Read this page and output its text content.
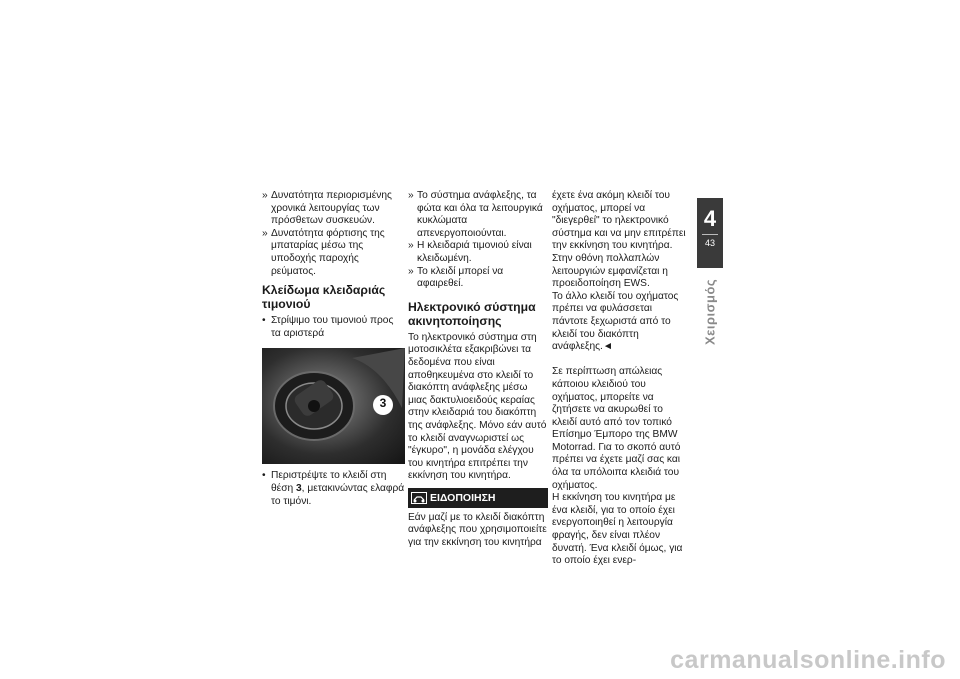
» Δυνατότητα περιορισμένης χρονικά λειτουργίας των πρόσθετων συσκευών.

» Δυνατότητα φόρτισης της μπαταρίας μέσω της υποδοχής παροχής ρεύματος.

Κλείδωμα κλειδαριάς τιμονιού

• Στρίψιμο του τιμονιού προς τα αριστερά

3

• Περιστρέψτε το κλειδί στη θέση 3, μετακινώντας ελαφρά το τιμόνι.

» Το σύστημα ανάφλεξης, τα φώτα και όλα τα λειτουργικά κυκλώματα απενεργοποιούνται.

» Η κλειδαριά τιμονιού είναι κλειδωμένη.

» Το κλειδί μπορεί να αφαιρεθεί.

Ηλεκτρονικό σύστημα ακινητοποίησης

Το ηλεκτρονικό σύστημα στη μοτοσικλέτα εξακριβώνει τα δεδομένα που είναι αποθηκευμένα στο κλειδί το διακόπτη ανάφλεξης μέσω μιας δακτυλιοειδούς κεραίας στην κλειδαριά του διακόπτη της ανάφλεξης. Μόνο εάν αυτό το κλειδί αναγνωριστεί ως "έγκυρο", η μονάδα ελέγχου του κινητήρα επιτρέπει την εκκίνηση του κινητήρα.

ΕΙΔΟΠΟΙΗΣΗ

Εάν μαζί με το κλειδί διακόπτη ανάφλεξης που χρησιμοποιείτε για την εκκίνηση του κινητήρα

έχετε ένα ακόμη κλειδί του οχήματος, μπορεί να "διεγερθεί" το ηλεκτρονικό σύστημα και να μην επιτρέπει την εκκίνηση του κινητήρα. Στην οθόνη πολλαπλών λειτουργιών εμφανίζεται η προειδοποίηση EWS.

Το άλλο κλειδί του οχήματος πρέπει να φυλάσσεται πάντοτε ξεχωριστά από το κλειδί του διακόπτη ανάφλεξης.◄

Σε περίπτωση απώλειας κάποιου κλειδιού του οχήματος, μπορείτε να ζητήσετε να ακυρωθεί το κλειδί αυτό από τον τοπικό Επίσημο Έμπορο της BMW Motorrad. Για το σκοπό αυτό πρέπει να έχετε μαζί σας και όλα τα υπόλοιπα κλειδιά του οχήματος.

Η εκκίνηση του κινητήρα με ένα κλειδί, για το οποίο έχει ενεργοποιηθεί η λειτουργία φραγής, δεν είναι πλέον δυνατή. Ένα κλειδί όμως, για το οποίο έχει ενερ-

4
43
Χειρισμός
carmanualsonline.info
